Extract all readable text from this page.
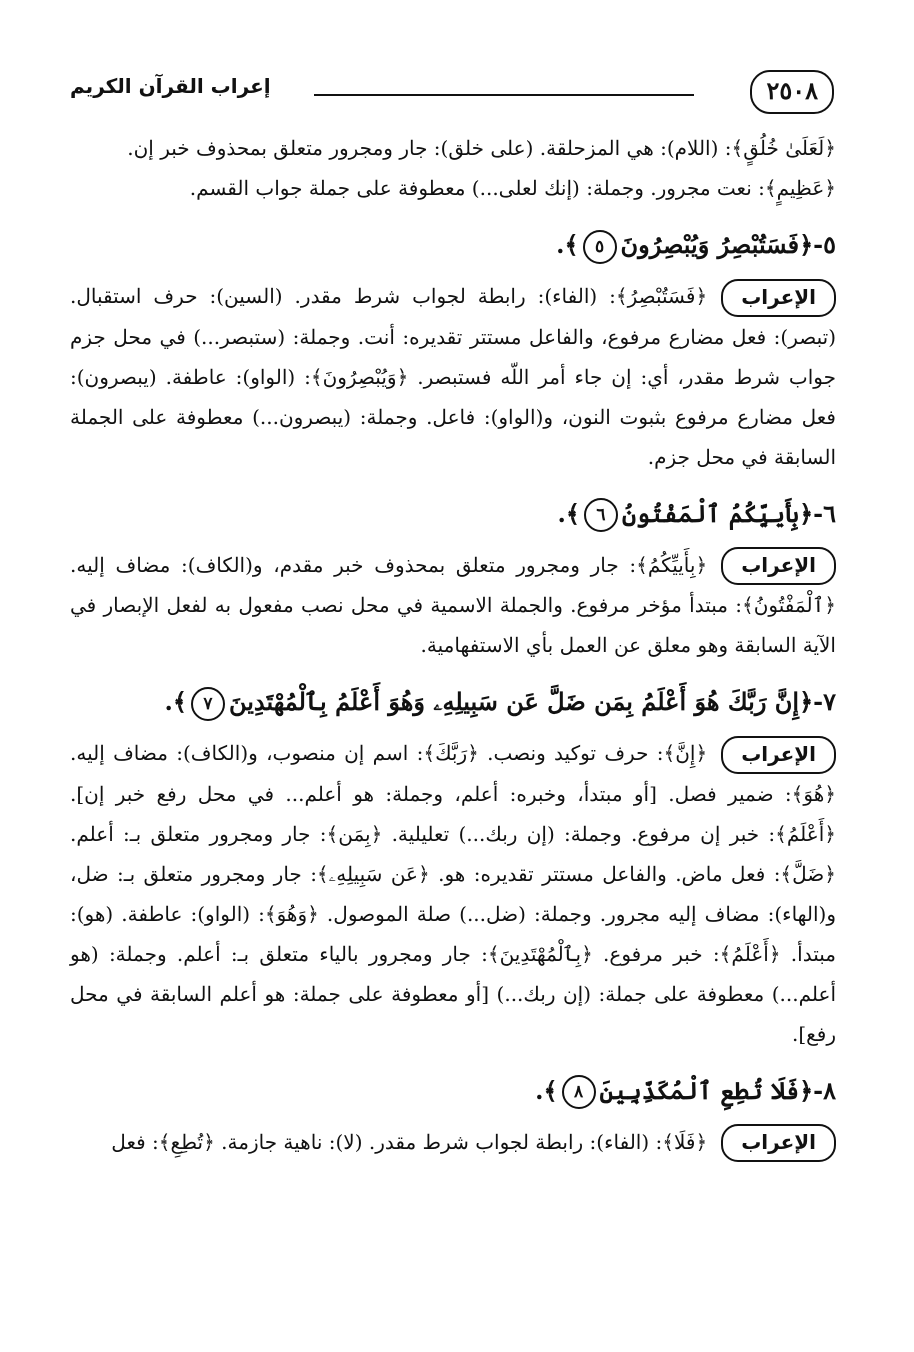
٢٥٠٨
إعراب القرآن الكريم

﴿لَعَلَىٰ خُلُقٍ﴾: (اللام): هي المزحلقة. (على خلق): جار ومجرور متعلق بمحذوف خبر إن.

﴿عَظِيمٍ﴾: نعت مجرور. وجملة: (إنك لعلى...) معطوفة على جملة جواب القسم.

٥-﴿فَسَتُبْصِرُ وَيُبْصِرُونَ٥﴾.

الإعراب﴿فَسَتُبْصِرُ﴾: (الفاء): رابطة لجواب شرط مقدر. (السين): حرف استقبال. (تبصر): فعل مضارع مرفوع، والفاعل مستتر تقديره: أنت. وجملة: (ستبصر...) في محل جزم جواب شرط مقدر، أي: إن جاء أمر اللّه فستبصر. ﴿وَيُبْصِرُونَ﴾: (الواو): عاطفة. (يبصرون): فعل مضارع مرفوع بثبوت النون، و(الواو): فاعل. وجملة: (يبصرون...) معطوفة على الجملة السابقة في محل جزم.

٦-﴿بِأَييِّكُمُ ٱلْمَفْتُونُ٦﴾.

الإعراب﴿بِأَييِّكُمُ﴾: جار ومجرور متعلق بمحذوف خبر مقدم، و(الكاف): مضاف إليه. ﴿ٱلْمَفْتُونُ﴾: مبتدأ مؤخر مرفوع. والجملة الاسمية في محل نصب مفعول به لفعل الإبصار في الآية السابقة وهو معلق عن العمل بأي الاستفهامية.

٧-﴿إِنَّ رَبَّكَ هُوَ أَعْلَمُ بِمَن ضَلَّ عَن سَبِيلِهِۦ وَهُوَ أَعْلَمُ بِٱلْمُهْتَدِينَ٧﴾.

الإعراب﴿إِنَّ﴾: حرف توكيد ونصب. ﴿رَبَّكَ﴾: اسم إن منصوب، و(الكاف): مضاف إليه. ﴿هُوَ﴾: ضمير فصل. [أو مبتدأ، وخبره: أعلم، وجملة: هو أعلم... في محل رفع خبر إن]. ﴿أَعْلَمُ﴾: خبر إن مرفوع. وجملة: (إن ربك...) تعليلية. ﴿بِمَن﴾: جار ومجرور متعلق بـ: أعلم. ﴿ضَلَّ﴾: فعل ماض. والفاعل مستتر تقديره: هو. ﴿عَن سَبِيلِهِۦ﴾: جار ومجرور متعلق بـ: ضل، و(الهاء): مضاف إليه مجرور. وجملة: (ضل...) صلة الموصول. ﴿وَهُوَ﴾: (الواو): عاطفة. (هو): مبتدأ. ﴿أَعْلَمُ﴾: خبر مرفوع. ﴿بِٱلْمُهْتَدِينَ﴾: جار ومجرور بالياء متعلق بـ: أعلم. وجملة: (هو أعلم...) معطوفة على جملة: (إن ربك...) [أو معطوفة على جملة: هو أعلم السابقة في محل رفع].

٨-﴿فَلَا تُطِعِ ٱلْمُكَذِّبِينَ٨﴾.

الإعراب﴿فَلَا﴾: (الفاء): رابطة لجواب شرط مقدر. (لا): ناهية جازمة. ﴿تُطِعِ﴾: فعل
